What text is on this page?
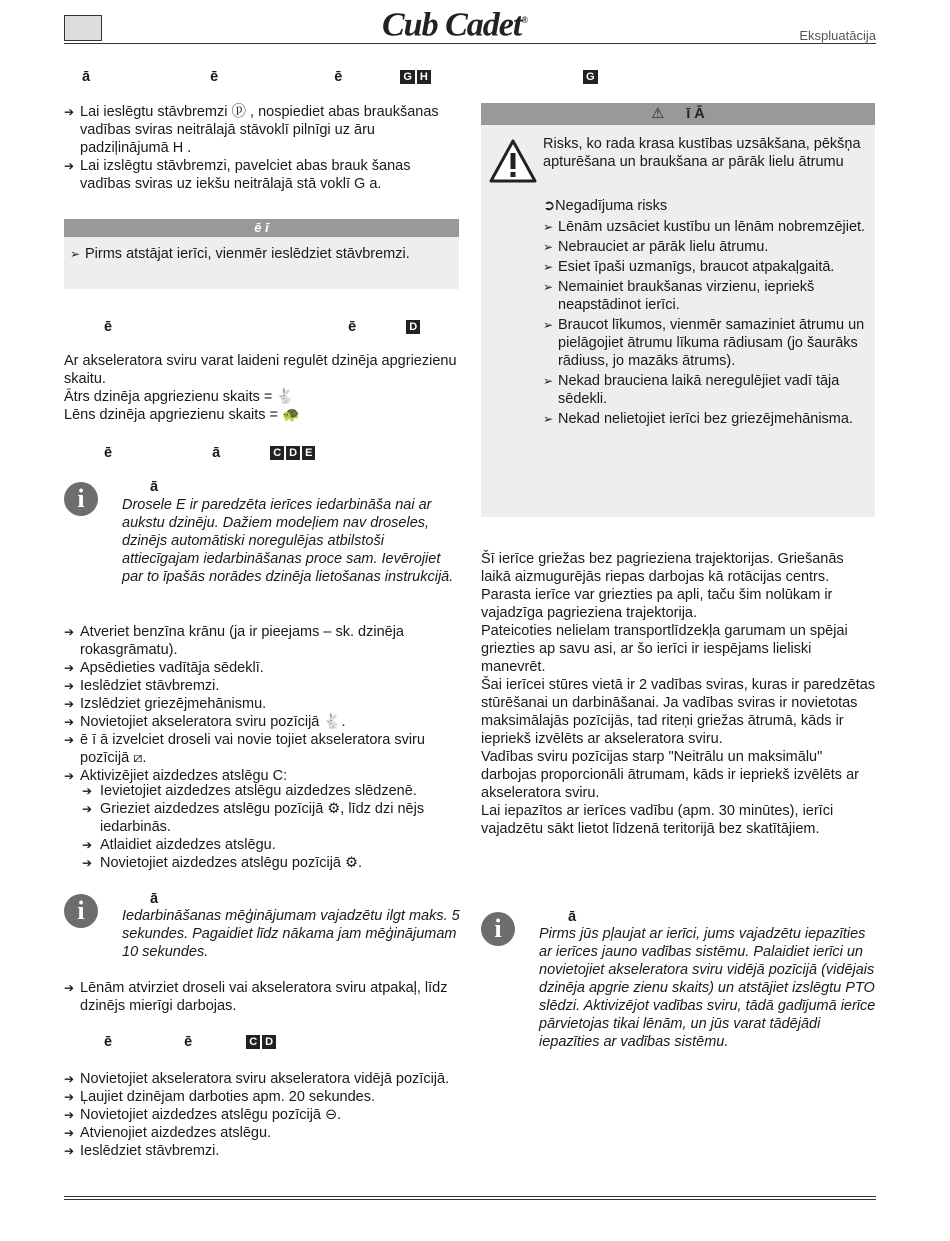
Cub Cadet®
Ekspluatācija
ā	ē	ē	G H
➔ Lai ieslēgtu stāvbremzi ⓟ , nospiediet abas braukšanas vadības sviras neitrālajā stāvoklī pilnīgi uz āru padziļinājumā H .
➔ Lai izslēgtu stāvbremzi, pavelciet abas brauk šanas vadības sviras uz iekšu neitrālajā stā voklī G a.
ē ī
➢ Pirms atstājat ierīci, vienmēr ieslēdziet stāvbremzi.
ē	ē	D

Ar akseleratora sviru varat laideni regulēt dzinēja apgriezienu skaitu.

Ātrs dzinēja apgriezienu skaits = 🐇

Lēns dzinēja apgriezienu skaits = 🐢

ē	ā	C D E
i	ā
Drosele E ir paredzēta ierīces iedarbināša nai ar aukstu dzinēju. Dažiem modeļiem nav droseles, dzinējs automātiski noregulējas atbilstoši attiecīgajam iedarbināšanas proce sam. Ievērojiet par to īpašās norādes dzinēja lietošanas instrukcijā.
➔ Atveriet benzīna krānu (ja ir pieejams – sk. dzinēja rokasgrāmatu).
➔ Apsēdieties vadītāja sēdeklī.
➔ Ieslēdziet stāvbremzi.
➔ Izslēdziet griezējmehānismu.
➔ Novietojiet akseleratora sviru pozīcijā 🐇.
➔ ē ī ā izvelciet droseli vai novie tojiet akseleratora sviru pozīcijā ⧄.
➔ Aktivizējiet aizdedzes atslēgu C:
➔ Ievietojiet aizdedzes atslēgu aizdedzes slēdzenē.
➔ Grieziet aizdedzes atslēgu pozīcijā ⚙, līdz dzi nējs iedarbinās.
➔ Atlaidiet aizdedzes atslēgu.
➔ Novietojiet aizdedzes atslēgu pozīcijā ⚙.
i	ā
Iedarbināšanas mēģinājumam vajadzētu ilgt maks. 5 sekundes. Pagaidiet līdz nākama jam mēģinājumam 10 sekundes.
➔ Lēnām atvirziet droseli vai akseleratora sviru atpakaļ, līdz dzinējs mierīgi darbojas.
ē	ē	C D
➔ Novietojiet akseleratora sviru akseleratora vidējā pozīcijā.
➔ Ļaujiet dzinējam darboties apm. 20 sekundes.
➔ Novietojiet aizdedzes atslēgu pozīcijā ⊖.
➔ Atvienojiet aizdedzes atslēgu.
➔ Ieslēdziet stāvbremzi.
G
⚠ ī Ā

Risks, ko rada krasa kustības uzsākšana, pēkšņa apturēšana un braukšana ar pārāk lielu ātrumu

➲Negadījuma risks

➢ Lēnām uzsāciet kustību un lēnām nobremzējiet.
➢ Nebrauciet ar pārāk lielu ātrumu.
➢ Esiet īpaši uzmanīgs, braucot atpakaļgaitā.
➢ Nemainiet braukšanas virzienu, iepriekš neapstādinot ierīci.
➢ Braucot līkumos, vienmēr samaziniet ātrumu un pielāgojiet ātrumu līkuma rādiusam (jo šaurāks rādiuss, jo mazāks ātrums).
➢ Nekad brauciena laikā neregulējiet vadī tāja sēdekli.
➢ Nekad nelietojiet ierīci bez griezējmehānisma.

Šī ierīce griežas bez pagrieziena trajektorijas. Griešanās laikā aizmugurējās riepas darbojas kā rotācijas centrs. Parasta ierīce var griezties pa apli, taču šim nolūkam ir vajadzīga pagrieziena trajektorija.

Pateicoties nelielam transportlīdzekļa garumam un spējai griezties ap savu asi, ar šo ierīci ir iespējams lieliski manevrēt.

Šai ierīcei stūres vietā ir 2 vadības sviras, kuras ir paredzētas stūrēšanai un darbināšanai. Ja vadības sviras ir novietotas maksimālajās pozīcijās, tad riteņi griežas ātrumā, kāds ir iepriekš izvēlēts ar akseleratora sviru.

Vadības sviru pozīcijas starp "Neitrālu un maksimālu" darbojas proporcionāli ātrumam, kāds ir iepriekš izvēlēts ar akseleratora sviru.

Lai iepazītos ar ierīces vadību (apm. 30 minūtes), ierīci vajadzētu sākt lietot līdzenā teritorijā bez skatītājiem.

i	ā
Pirms jūs pļaujat ar ierīci, jums vajadzētu iepazīties ar ierīces jauno vadības sistēmu. Palaidiet ierīci un novietojiet akseleratora sviru vidējā pozīcijā (vidējais dzinēja apgrie zienu skaits) un atstājiet izslēgtu PTO slēdzi. Aktivizējot vadības sviru, tādā gadījumā ierīce pārvietojas tikai lēnām, un jūs varat tādējādi iepazīties ar vadības sistēmu.
